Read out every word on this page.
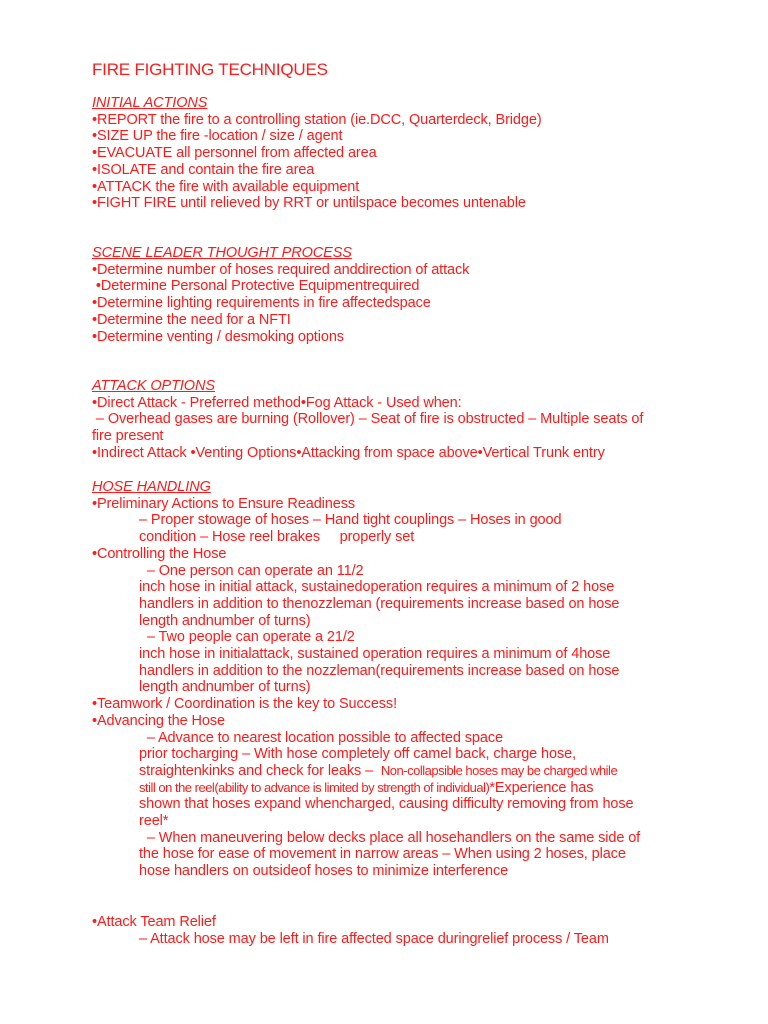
FIRE FIGHTING TECHNIQUES
INITIAL ACTIONS
•REPORT the fire to a controlling station (ie.DCC, Quarterdeck, Bridge)
•SIZE UP the fire -location / size / agent
•EVACUATE all personnel from affected area
•ISOLATE and contain the fire area
•ATTACK the fire with available equipment
•FIGHT FIRE until relieved by RRT or untilspace becomes untenable
SCENE LEADER THOUGHT PROCESS
•Determine number of hoses required anddirection of attack
•Determine Personal Protective Equipmentrequired
•Determine lighting requirements in fire affectedspace
•Determine the need for a NFTI
•Determine venting / desmoking options
ATTACK OPTIONS
•Direct Attack - Preferred method•Fog Attack - Used when:
– Overhead gases are burning (Rollover) – Seat of fire is obstructed – Multiple seats of
fire present
•Indirect Attack •Venting Options•Attacking from space above•Vertical Trunk entry
HOSE HANDLING
•Preliminary Actions to Ensure Readiness
– Proper stowage of hoses – Hand tight couplings – Hoses in good
condition – Hose reel brakes     properly set
•Controlling the Hose
– One person can operate an 11/2
inch hose in initial attack, sustainedoperation requires a minimum of 2 hose
handlers in addition to thenozzleman (requirements increase based on hose
length andnumber of turns)
– Two people can operate a 21/2
inch hose in initialattack, sustained operation requires a minimum of 4hose
handlers in addition to the nozzleman(requirements increase based on hose
length andnumber of turns)
•Teamwork / Coordination is the key to Success!
•Advancing the Hose
– Advance to nearest location possible to affected space
prior tocharging – With hose completely off camel back, charge hose,
straightenkinks and check for leaks –  Non-collapsible hoses may be charged while
still on the reel(ability to advance is limited by strength of individual)*Experience has
shown that hoses expand whencharged, causing difficulty removing from hose
reel*
– When maneuvering below decks place all hosehandlers on the same side of
the hose for ease of movement in narrow areas – When using 2 hoses, place
hose handlers on outsideof hoses to minimize interference
•Attack Team Relief
– Attack hose may be left in fire affected space duringrelief process / Team
